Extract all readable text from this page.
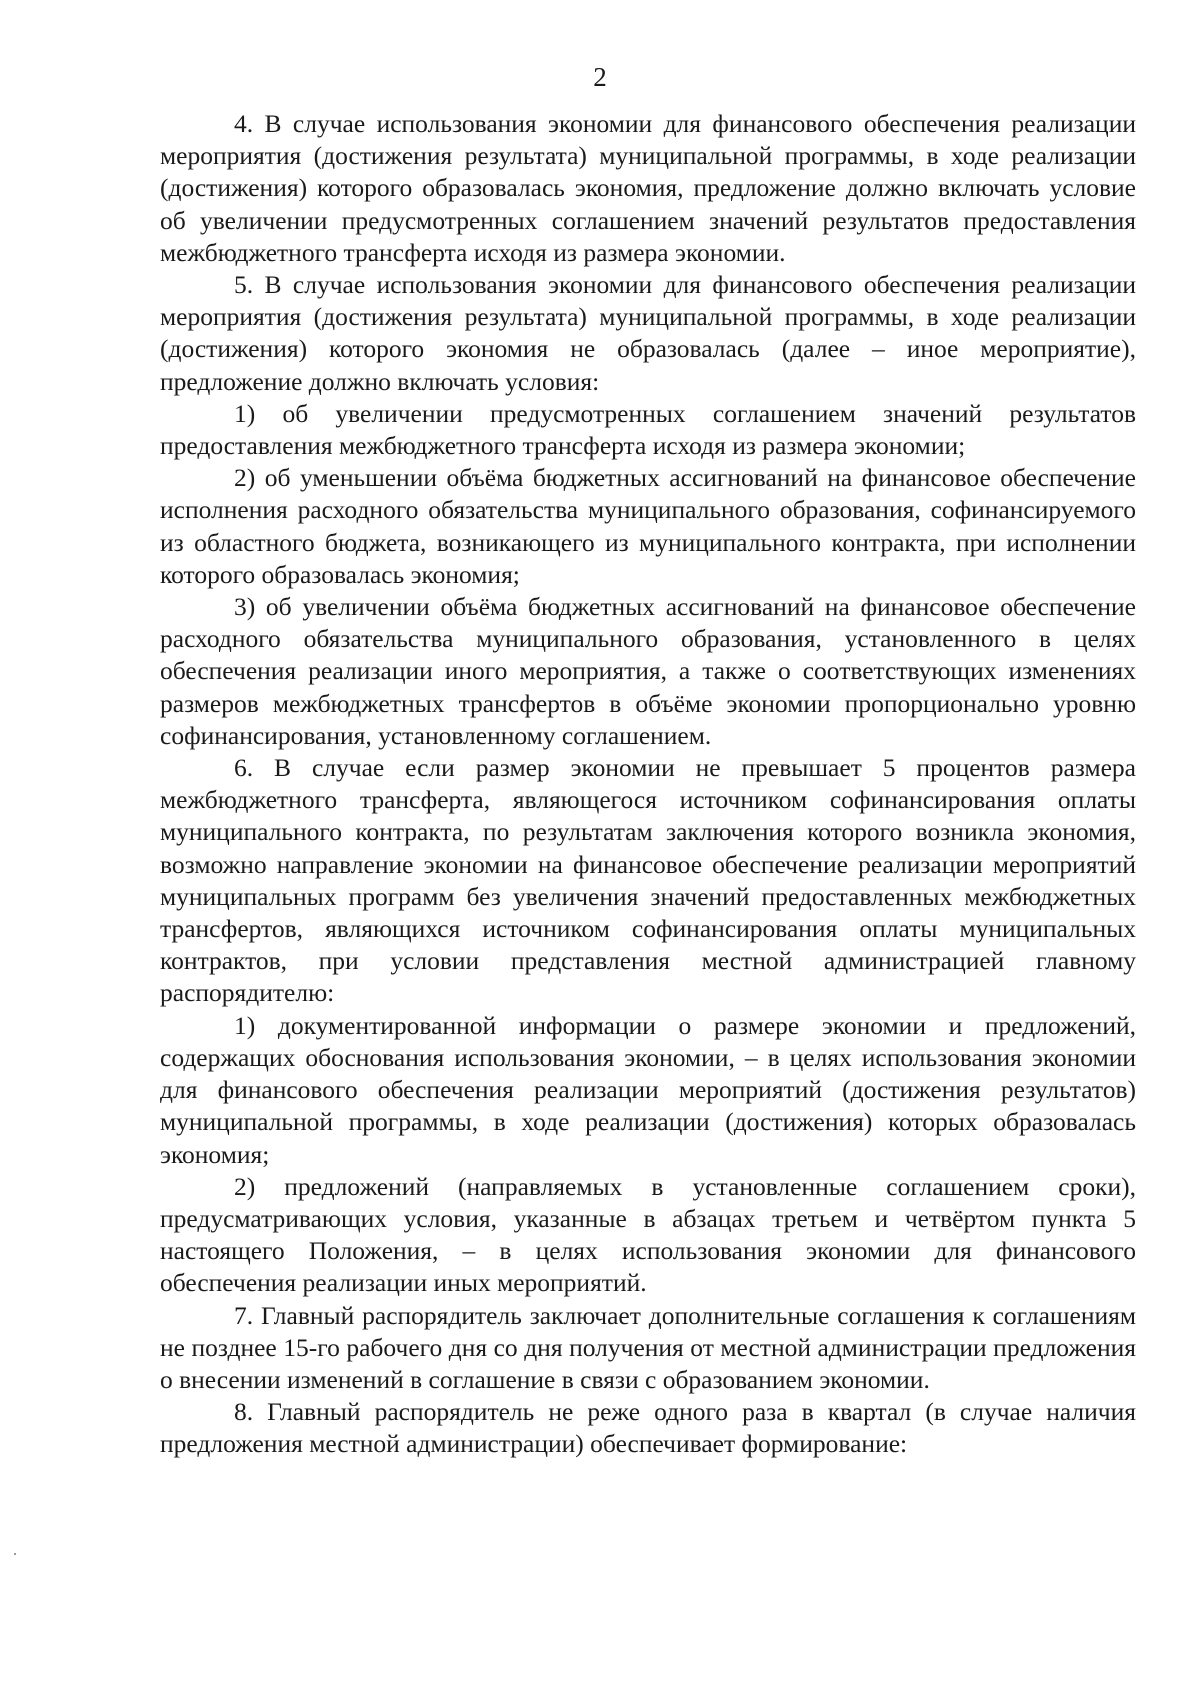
2

4. В случае использования экономии для финансового обеспечения реализации мероприятия (достижения результата) муниципальной программы, в ходе реализации (достижения) которого образовалась экономия, предложение должно включать условие об увеличении предусмотренных соглашением значений результатов предоставления межбюджетного трансферта исходя из размера экономии.

5. В случае использования экономии для финансового обеспечения реализации мероприятия (достижения результата) муниципальной программы, в ходе реализации (достижения) которого экономия не образовалась (далее – иное мероприятие), предложение должно включать условия:

1) об увеличении предусмотренных соглашением значений результатов предоставления межбюджетного трансферта исходя из размера экономии;

2) об уменьшении объёма бюджетных ассигнований на финансовое обеспечение исполнения расходного обязательства муниципального образования, софинансируемого из областного бюджета, возникающего из муниципального контракта, при исполнении которого образовалась экономия;

3) об увеличении объёма бюджетных ассигнований на финансовое обеспечение расходного обязательства муниципального образования, установленного в целях обеспечения реализации иного мероприятия, а также о соответствующих изменениях размеров межбюджетных трансфертов в объёме экономии пропорционально уровню софинансирования, установленному соглашением.

6. В случае если размер экономии не превышает 5 процентов размера межбюджетного трансферта, являющегося источником софинансирования оплаты муниципального контракта, по результатам заключения которого возникла экономия, возможно направление экономии на финансовое обеспечение реализации мероприятий муниципальных программ без увеличения значений предоставленных межбюджетных трансфертов, являющихся источником софинансирования оплаты муниципальных контрактов, при условии представления местной администрацией главному распорядителю:

1) документированной информации о размере экономии и предложений, содержащих обоснования использования экономии, – в целях использования экономии для финансового обеспечения реализации мероприятий (достижения результатов) муниципальной программы, в ходе реализации (достижения) которых образовалась экономия;

2) предложений (направляемых в установленные соглашением сроки), предусматривающих условия, указанные в абзацах третьем и четвёртом пункта 5 настоящего Положения, – в целях использования экономии для финансового обеспечения реализации иных мероприятий.

7. Главный распорядитель заключает дополнительные соглашения к соглашениям не позднее 15-го рабочего дня со дня получения от местной администрации предложения о внесении изменений в соглашение в связи с образованием экономии.

8. Главный распорядитель не реже одного раза в квартал (в случае наличия предложения местной администрации) обеспечивает формирование:
